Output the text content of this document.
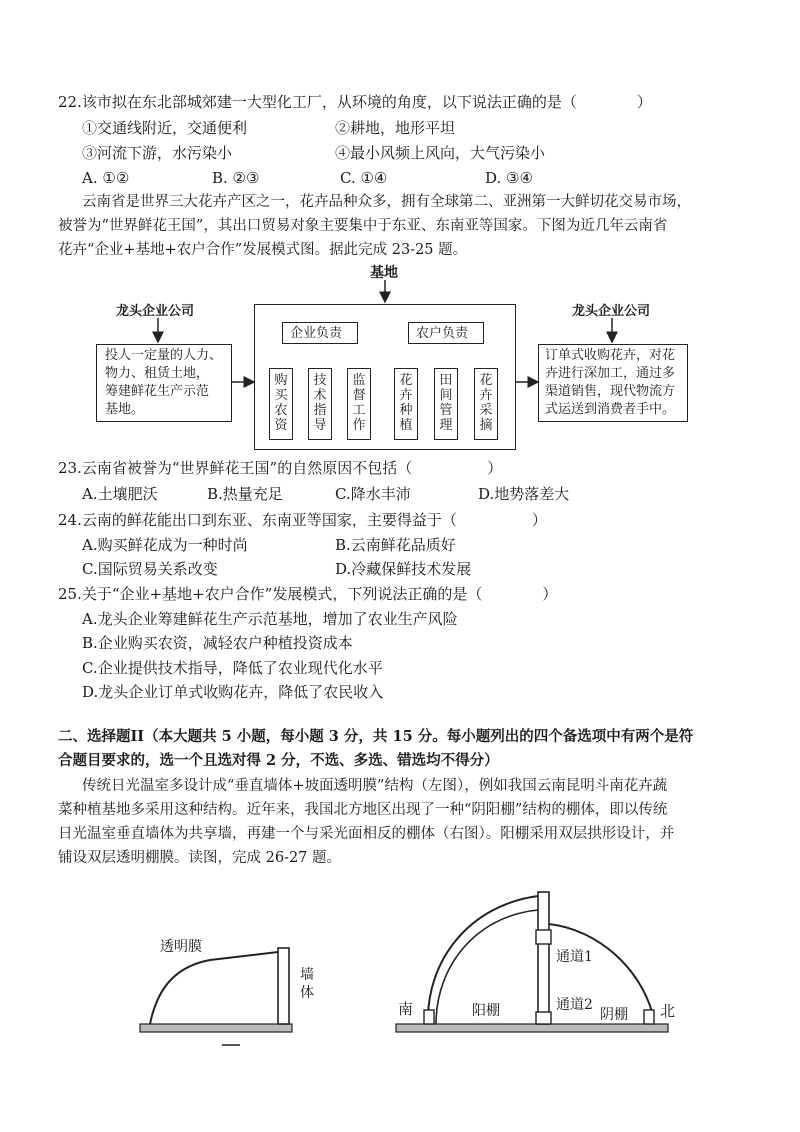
22.该市拟在东北部城郊建一大型化工厂，从环境的角度，以下说法正确的是（　　　　）
①交通线附近，交通便利	②耕地，地形平坦
③河流下游，水污染小	④最小风频上风向，大气污染小
A. ①②	B. ②③	C. ①④	D. ③④
云南省是世界三大花卉产区之一，花卉品种众多，拥有全球第二、亚洲第一大鲜切花交易市场，
被誉为“世界鲜花王国”，其出口贸易对象主要集中于东亚、东南亚等国家。下图为近几年云南省
花卉“企业+基地+农户合作”发展模式图。据此完成 23-25 题。
基地
龙头企业公司	龙头企业公司
投人一定量的人力、
物力、租赁土地，
筹建鲜花生产示范
基地。
企业负责	农户负责
购买农资
技术指导
监督工作
花卉种植
田间管理
花卉采摘
订单式收购花卉，对花
卉进行深加工，通过多
渠道销售，现代物流方
式运送到消费者手中。
23.云南省被誉为“世界鲜花王国”的自然原因不包括（　　　　　）
A.土壤肥沃	B.热量充足	C.降水丰沛	D.地势落差大
24.云南的鲜花能出口到东亚、东南亚等国家，主要得益于（　　　　　）
A.购买鲜花成为一种时尚	B.云南鲜花品质好
C.国际贸易关系改变	D.冷藏保鲜技术发展
25.关于“企业+基地+农户合作”发展模式，下列说法正确的是（　　　　）
A.龙头企业筹建鲜花生产示范基地，增加了农业生产风险
B.企业购买农资，减轻农户种植投资成本
C.企业提供技术指导，降低了农业现代化水平
D.龙头企业订单式收购花卉，降低了农民收入
二、选择题II（本大题共 5 小题，每小题 3 分，共 15 分。每小题列出的四个备选项中有两个是符
合题目要求的，选一个且选对得 2 分，不选、多选、错选均不得分）
传统日光温室多设计成“垂直墙体+坡面透明膜”结构（左图），例如我国云南昆明斗南花卉蔬
菜种植基地多采用这种结构。近年来，我国北方地区出现了一种“阴阳棚”结构的棚体，即以传统
日光温室垂直墙体为共享墙，再建一个与采光面相反的棚体（右图）。阳棚采用双层拱形设计，并
铺设双层透明棚膜。读图，完成 26-27 题。
透明膜
墙体
南	阳棚
通道1
通道2
阴棚 北
